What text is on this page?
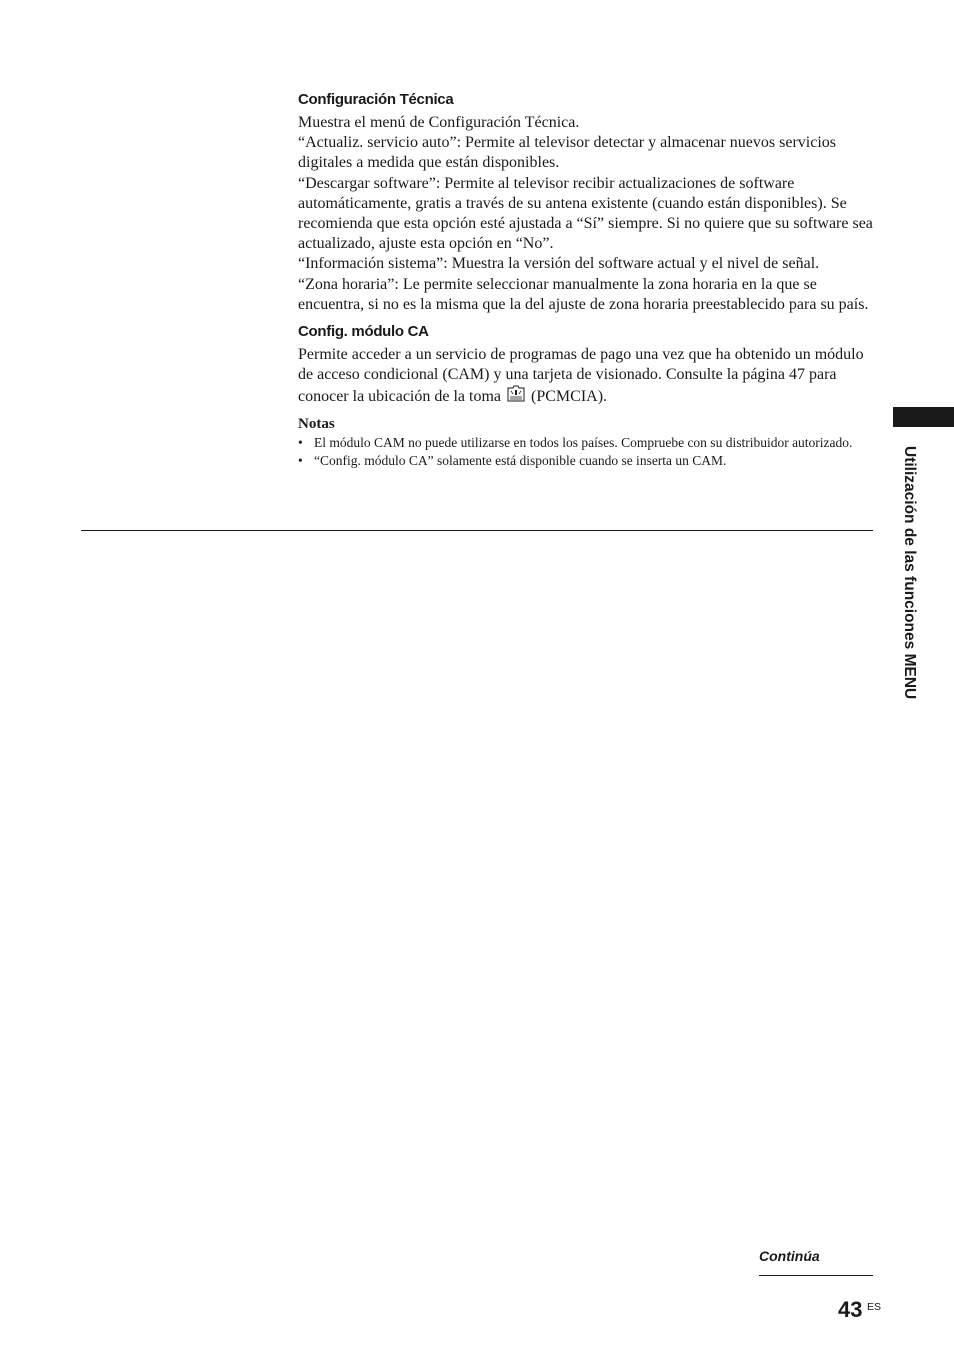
Configuración Técnica

Muestra el menú de Configuración Técnica.

“Actualiz. servicio auto”: Permite al televisor detectar y almacenar nuevos servicios digitales a medida que están disponibles.

“Descargar software”: Permite al televisor recibir actualizaciones de software automáticamente, gratis a través de su antena existente (cuando están disponibles). Se recomienda que esta opción esté ajustada a “Sí” siempre. Si no quiere que su software sea actualizado, ajuste esta opción en “No”.

“Información sistema”: Muestra la versión del software actual y el nivel de señal.

“Zona horaria”: Le permite seleccionar manualmente la zona horaria en la que se encuentra, si no es la misma que la del ajuste de zona horaria preestablecido para su país.

Config. módulo CA

Permite acceder a un servicio de programas de pago una vez que ha obtenido un módulo de acceso condicional (CAM) y una tarjeta de visionado. Consulte la página 47 para conocer la ubicación de la toma (PCMCIA).

Notas
• El módulo CAM no puede utilizarse en todos los países. Compruebe con su distribuidor autorizado.
• “Config. módulo CA” solamente está disponible cuando se inserta un CAM.	Utilización de las funciones MENU
Continúa
43 ES
